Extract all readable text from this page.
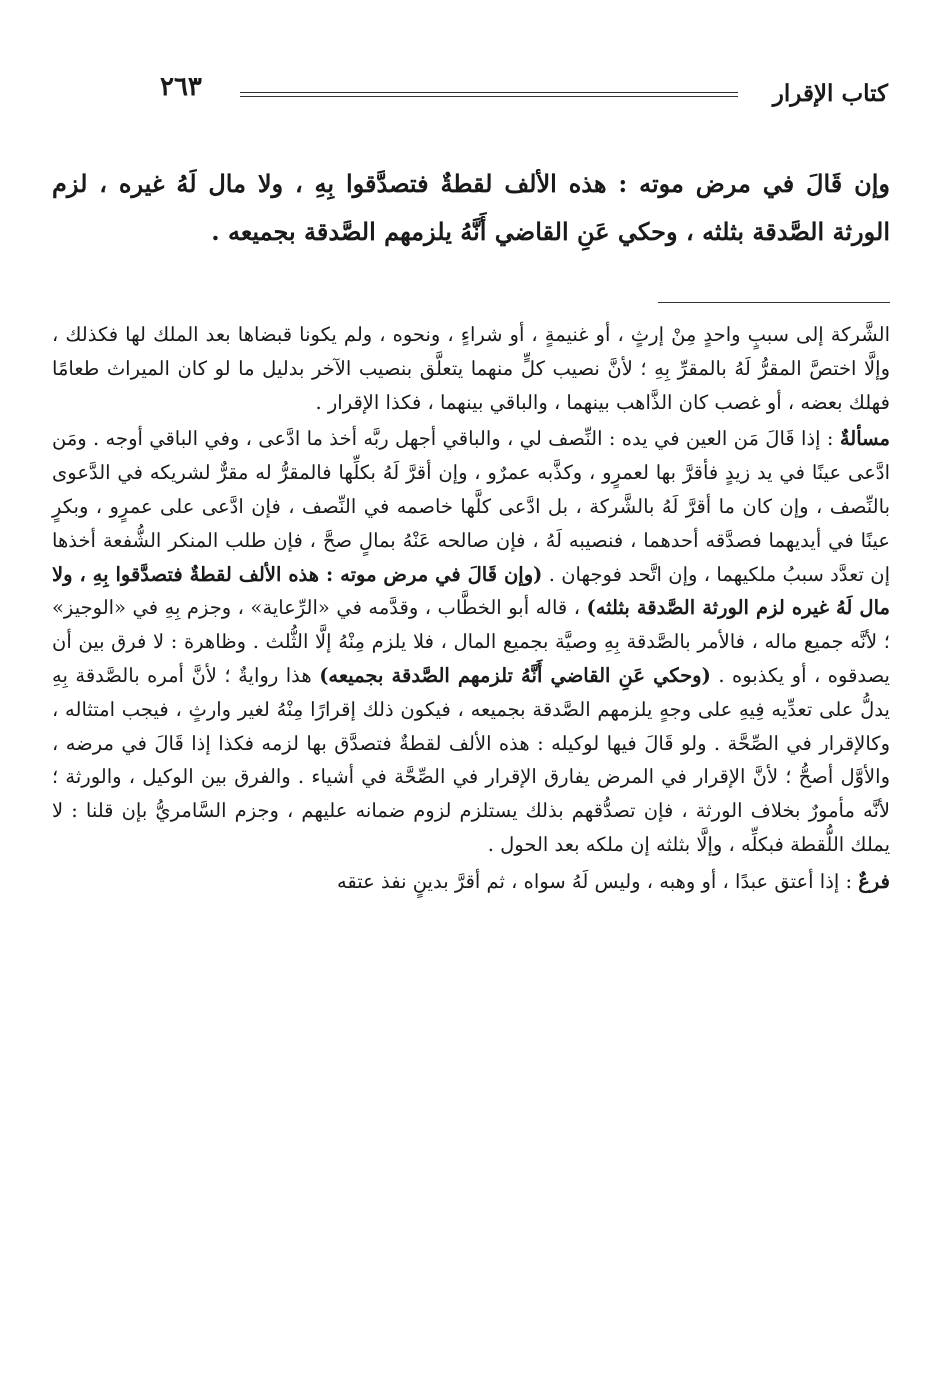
كتاب الإقرار
٢٦٣
وإن قَالَ في مرض موته : هذه الألف لقطةٌ فتصدَّقوا بِهِ ، ولا مال لَهُ غيره ، لزم الورثة الصَّدقة بثلثه ، وحكي عَنِ القاضي أَنَّهُ يلزمهم الصَّدقة بجميعه .

الشَّركة إلى سببٍ واحدٍ مِنْ إرثٍ ، أو غنيمةٍ ، أو شراءٍ ، ونحوه ، ولم يكونا قبضاها بعد الملك لها فكذلك ، وإلَّا اختصَّ المقرُّ لَهُ بالمقرِّ بِهِ ؛ لأنَّ نصيب كلٍّ منهما يتعلَّق بنصيب الآخر بدليل ما لو كان الميراث طعامًا فهلك بعضه ، أو غصب كان الذَّاهب بينهما ، والباقي بينهما ، فكذا الإقرار .

مسألةٌ : إذا قَالَ مَن العين في يده : النِّصف لي ، والباقي أجهل ربَّه أخذ ما ادَّعى ، وفي الباقي أوجه . ومَن ادَّعى عينًا في يد زيدٍ فأقرَّ بها لعمرٍو ، وكذَّبه عمرٌو ، وإن أقرَّ لَهُ بكلِّها فالمقرُّ له مقرٌّ لشريكه في الدَّعوى بالنِّصف ، وإن كان ما أقرَّ لَهُ بالشَّركة ، بل ادَّعى كلَّها خاصمه في النِّصف ، فإن ادَّعى على عمرٍو ، وبكرٍ عينًا في أيديهما فصدَّقه أحدهما ، فنصيبه لَهُ ، فإن صالحه عَنْهُ بمالٍ صحَّ ، فإن طلب المنكر الشُّفعة أخذها إن تعدَّد سببُ ملكيهما ، وإن اتَّحد فوجهان . (وإن قَالَ في مرض موته : هذه الألف لقطةٌ فتصدَّقوا بِهِ ، ولا مال لَهُ غيره لزم الورثة الصَّدقة بثلثه) ، قاله أبو الخطَّاب ، وقدَّمه في «الرِّعاية» ، وجزم بِهِ في «الوجيز» ؛ لأنَّه جميع ماله ، فالأمر بالصَّدقة بِهِ وصيَّة بجميع المال ، فلا يلزم مِنْهُ إلَّا الثُّلث . وظاهرة : لا فرق بين أن يصدقوه ، أو يكذبوه . (وحكي عَنِ القاضي أَنَّهُ تلزمهم الصَّدقة بجميعه) هذا روايةٌ ؛ لأنَّ أمره بالصَّدقة بِهِ يدلُّ على تعدِّيه فِيهِ على وجهٍ يلزمهم الصَّدقة بجميعه ، فيكون ذلك إقرارًا مِنْهُ لغير وارثٍ ، فيجب امتثاله ، وكالإقرار في الصِّحَّة . ولو قَالَ فيها لوكيله : هذه الألف لقطةٌ فتصدَّق بها لزمه فكذا إذا قَالَ في مرضه ، والأوَّل أصحُّ ؛ لأنَّ الإقرار في المرض يفارق الإقرار في الصِّحَّة في أشياء . والفرق بين الوكيل ، والورثة ؛ لأنَّه مأمورٌ بخلاف الورثة ، فإن تصدُّقهم بذلك يستلزم لزوم ضمانه عليهم ، وجزم السَّامريُّ بإن قلنا : لا يملك اللُّقطة فبكلِّه ، وإلَّا بثلثه إن ملكه بعد الحول .

فرعٌ : إذا أعتق عبدًا ، أو وهبه ، وليس لَهُ سواه ، ثم أقرَّ بدينٍ نفذ عتقه
